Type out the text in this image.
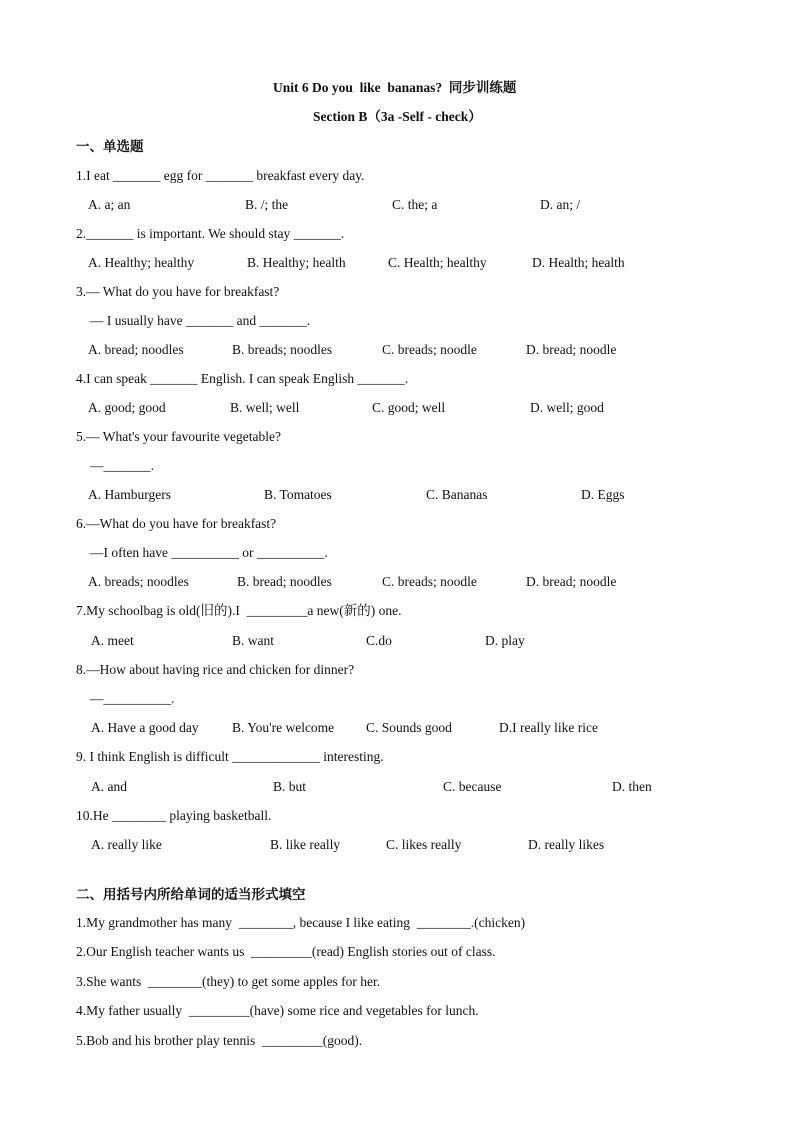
Unit 6 Do you  like  bananas?  同步训练题
Section B（3a -Self - check）
一、单选题
1.I eat _______ egg for _______ breakfast every day.
A. a; an	B. /; the	C. the; a	D. an; /
2._______ is important. We should stay _______.
A. Healthy; healthy	B. Healthy; health	C. Health; healthy	D. Health; health
3.— What do you have for breakfast?
— I usually have _______ and _______.
A. bread; noodles	B. breads; noodles	C. breads; noodle	D. bread; noodle
4.I can speak _______ English. I can speak English _______.
A. good; good	B. well; well	C. good; well	D. well; good
5.— What's your favourite vegetable?
—_______.
A. Hamburgers	B. Tomatoes	C. Bananas	D. Eggs
6.—What do you have for breakfast?
—I often have __________ or __________.
A. breads; noodles	B. bread; noodles	C. breads; noodle	D. bread; noodle
7.My schoolbag is old(旧的).I  _________a new(新的) one.
A. meet	B. want	C.do	D. play
8.—How about having rice and chicken for dinner?
—__________.
A. Have a good day B. You're welcome C. Sounds good	D.I really like rice
9. I think English is difficult _____________ interesting.
A. and	B. but	C. because	D. then
10.He ________ playing basketball.
A. really like	B. like really	C. likes really	D. really likes
二、用括号内所给单词的适当形式填空
1.My grandmother has many  ________, because I like eating  ________.(chicken)
2.Our English teacher wants us  _________(read) English stories out of class.
3.She wants  ________(they) to get some apples for her.
4.My father usually  _________(have) some rice and vegetables for lunch.
5.Bob and his brother play tennis  _________(good).
